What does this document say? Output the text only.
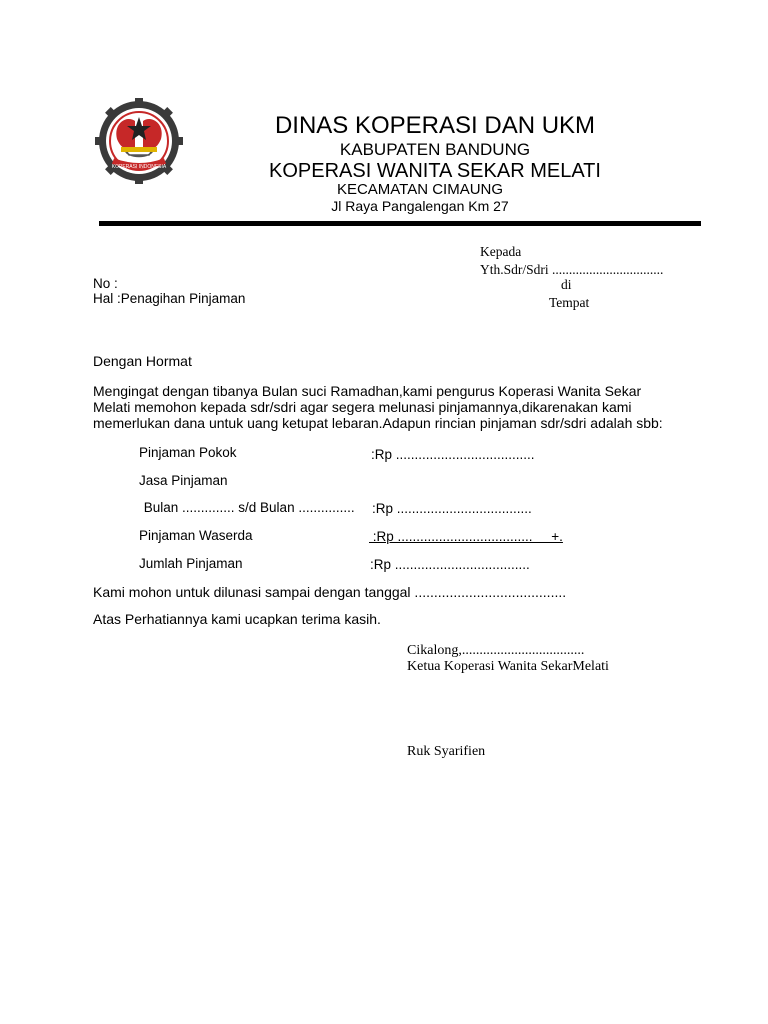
KOPERASI INDONESIA
DINAS KOPERASI DAN UKM
KABUPATEN BANDUNG
KOPERASI WANITA SEKAR MELATI
KECAMATAN CIMAUNG
Jl Raya Pangalengan Km 27
Kepada
Yth.Sdr/Sdri .................................
di
Tempat
No :
Hal :Penagihan Pinjaman
Dengan Hormat
Mengingat dengan tibanya Bulan suci Ramadhan,kami pengurus Koperasi Wanita Sekar
Melati memohon kepada sdr/sdri agar segera melunasi pinjamannya,dikarenakan kami
memerlukan dana untuk uang ketupat lebaran.Adapun rincian pinjaman sdr/sdri adalah sbb:
Pinjaman Pokok	:Rp .....................................
Jasa Pinjaman
Bulan .............. s/d Bulan ............... :Rp ....................................
Pinjaman Waserda	:Rp ....................................     +.
Jumlah Pinjaman	:Rp ....................................
Kami mohon untuk dilunasi sampai dengan tanggal .......................................
Atas Perhatiannya kami ucapkan terima kasih.
Cikalong,...................................
Ketua Koperasi Wanita SekarMelati
Ruk Syarifien
